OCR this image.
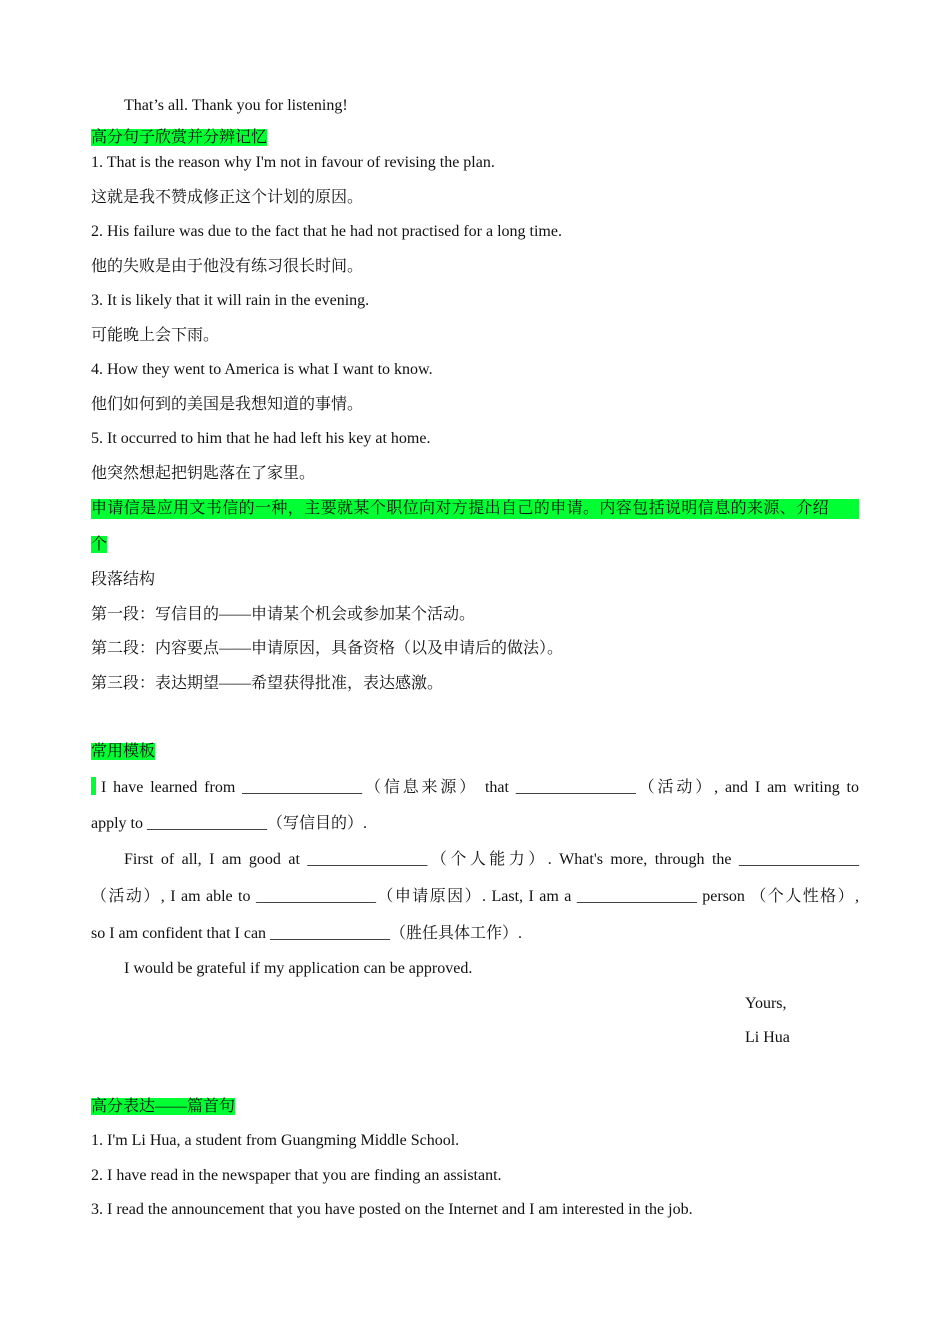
That’s all. Thank you for listening!
高分句子欣赏并分辨记忆
1. That is the reason why I'm not in favour of revising the plan.
这就是我不赞成修正这个计划的原因。
2. His failure was due to the fact that he had not practised for a long time.
他的失败是由于他没有练习很长时间。
3. It is likely that it will rain in the evening.
可能晚上会下雨。
4. How they went to America is what I want to know.
他们如何到的美国是我想知道的事情。
5. It occurred to him that he had left his key at home.
他突然想起把钥匙落在了家里。
申请信是应用文书信的一种，主要就某个职位向对方提出自己的申请。内容包括说明信息的来源、介绍
个
段落结构
第一段：写信目的——申请某个机会或参加某个活动。
第二段：内容要点——申请原因，具备资格（以及申请后的做法）。
第三段：表达期望——希望获得批准，表达感激。
常用模板
I have learned from _______________（信息来源） that _______________（活动）, and I am writing to
apply to _______________（写信目的）.
First of all, I am good at _______________（个人能力）. What's more, through the _______________
（活动）, I am able to _______________（申请原因）. Last, I am a _______________ person （个人性格）,
so I am confident that I can _______________（胜任具体工作）.
I would be grateful if my application can be approved.
Yours,
Li Hua
高分表达——篇首句
1. I'm Li Hua, a student from Guangming Middle School.
2. I have read in the newspaper that you are finding an assistant.
3. I read the announcement that you have posted on the Internet and I am interested in the job.
